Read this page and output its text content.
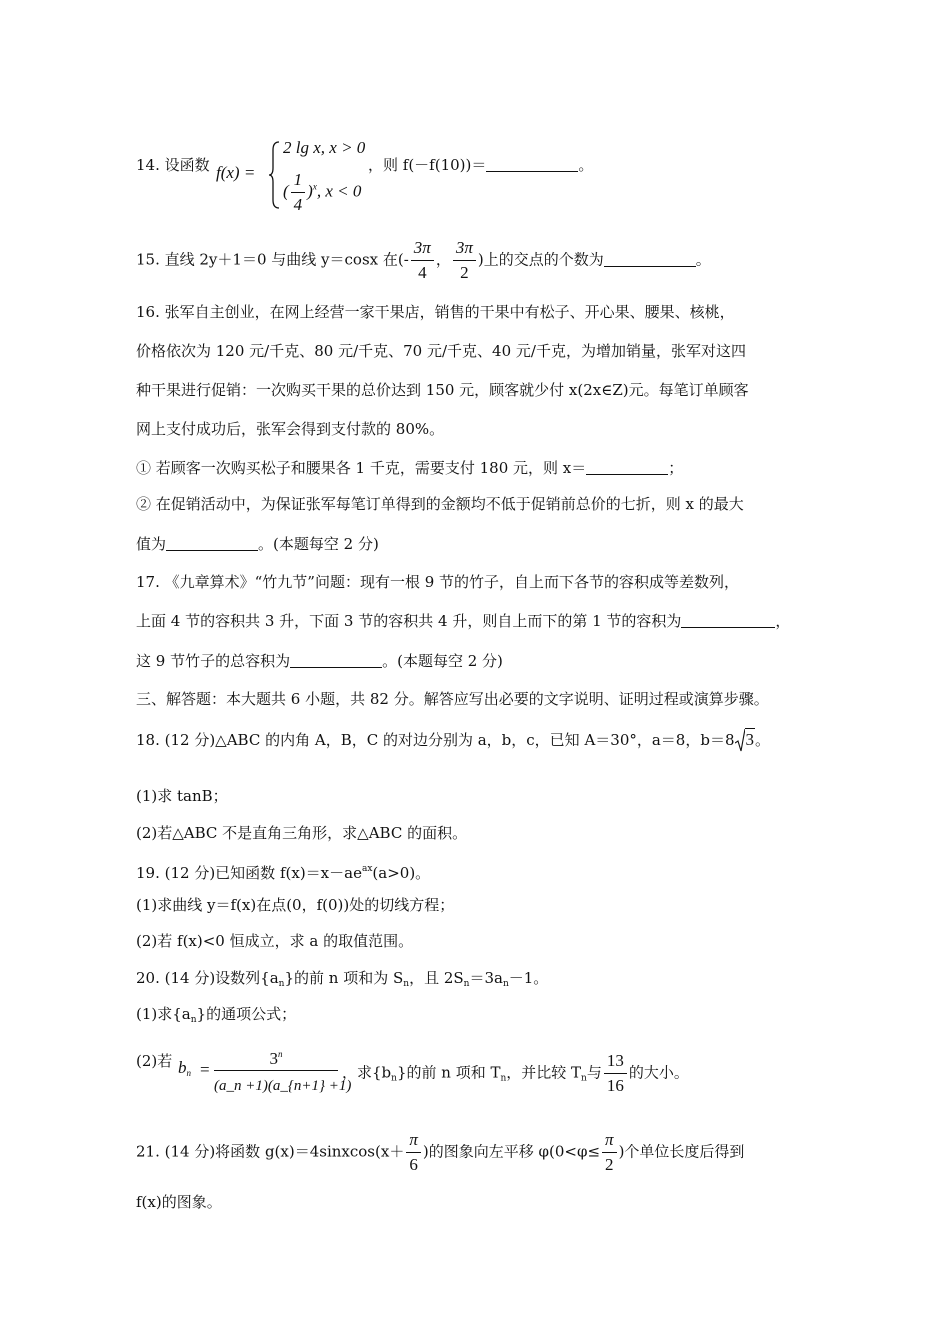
14. 设函数 f(x) =
2 lg x, x > 0
( $\frac{1}{4} )^x$, x < 0
，则 f(－f(10))＝	。
15. 直线 2y＋1＝0 与曲线 y＝cosx 在(- $\frac{3\pi}{4}$ ， $\frac{3\pi}{2}$ )上的交点的个数为	。
16. 张军自主创业，在网上经营一家干果店，销售的干果中有松子、开心果、腰果、核桃，
价格依次为 120 元/千克、80 元/千克、70 元/千克、40 元/千克，为增加销量，张军对这四
种干果进行促销：一次购买干果的总价达到 150 元，顾客就少付 x(2x∈Z)元。每笔订单顾客
网上支付成功后，张军会得到支付款的 80%。
① 若顾客一次购买松子和腰果各 1 千克，需要支付 180 元，则 x＝	；
② 在促销活动中，为保证张军每笔订单得到的金额均不低于促销前总价的七折，则 x 的最大
值为	。(本题每空 2 分)
17. 《九章算术》“竹九节”问题：现有一根 9 节的竹子，自上而下各节的容积成等差数列，
上面 4 节的容积共 3 升，下面 3 节的容积共 4 升，则自上而下的第 1 节的容积为	，
这 9 节竹子的总容积为	。(本题每空 2 分)
三、解答题：本大题共 6 小题，共 82 分。解答应写出必要的文字说明、证明过程或演算步骤。
18. (12 分)△ABC 的内角 A，B，C 的对边分别为 a，b，c，已知 A＝30°，a＝8，b＝8 3。
(1)求 tanB；
(2)若△ABC 不是直角三角形，求△ABC 的面积。
19. (12 分)已知函数 $f(x)=x-ae^{ax}(a>0)$。
(1)求曲线 y＝f(x)在点(0，f(0))处的切线方程；
(2)若 f(x)<0 恒成立，求 a 的取值范围。
20. (14 分)设数列$\{a_n\}$的前 n 项和为 $S_n$，且 $2S_n=3a_n-1$。
(1)求$\{a_n\}$的通项公式；
(2)若 $b_n$ =
$3^n$
(a_n +1)(a_{n+1} +1)
，求$\{b_n\}$的前 n 项和 $T_n$，并比较 $T_n$与 $\frac{13}{16}$ 的大小。
21. (14 分)将函数 g(x)＝4sinxcos(x＋ $\frac{\pi}{6}$ )的图象向左平移 $\varphi(0<\varphi\le \frac{\pi}{2}$ )个单位长度后得到
f(x)的图象。
